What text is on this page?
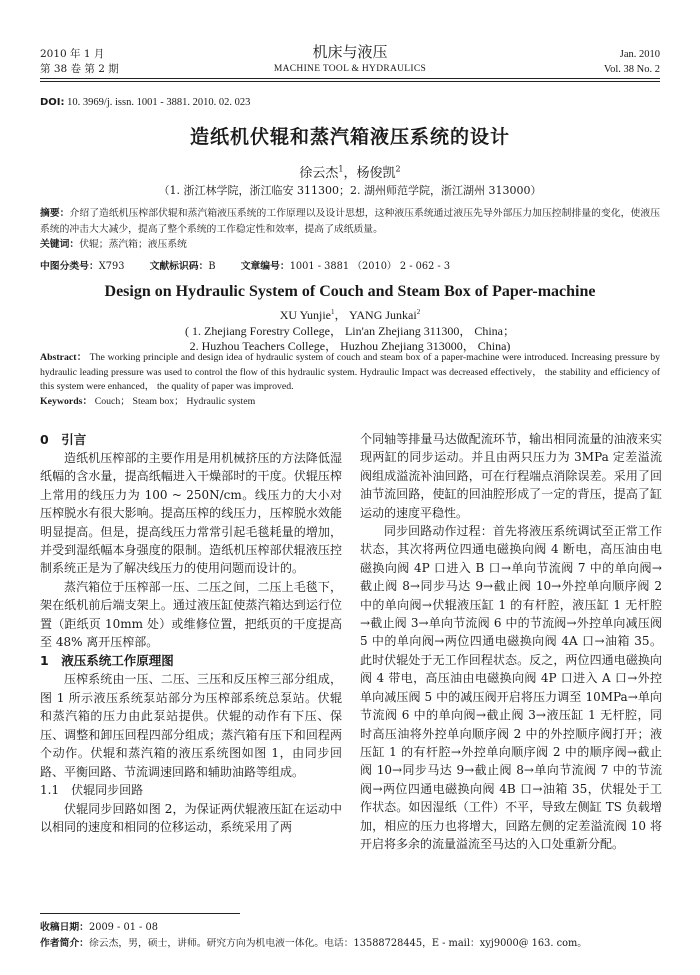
2010 年 1 月
第 38 卷 第 2 期
机床与液压
MACHINE TOOL & HYDRAULICS
Jan. 2010
Vol. 38 No. 2
DOI: 10. 3969/j. issn. 1001 - 3881. 2010. 02. 023
造纸机伏辊和蒸汽箱液压系统的设计
徐云杰$^1$，杨俊凯$^2$
（1. 浙江林学院，浙江临安 311300；2. 湖州师范学院，浙江湖州 313000）
摘要：介绍了造纸机压榨部伏辊和蒸汽箱液压系统的工作原理以及设计思想，这种液压系统通过液压先导外部压力加压控制排量的变化，使液压系统的冲击大大减少，提高了整个系统的工作稳定性和效率，提高了成纸质量。
关键词：伏辊；蒸汽箱；液压系统
中图分类号：X793	文献标识码：B	文章编号：1001 - 3881 （2010） 2 - 062 - 3
Design on Hydraulic System of Couch and Steam Box of Paper-machine
XU Yunjie$^1$， YANG Junkai$^2$
( 1. Zhejiang Forestry College， Lin'an Zhejiang 311300， China；
2. Huzhou Teachers College， Huzhou Zhejiang 313000， China)
Abstract： The working principle and design idea of hydraulic system of couch and steam box of a paper-machine were introduced. Increasing pressure by hydraulic leading pressure was used to control the flow of this hydraulic system. Hydraulic Impact was decreased effectively， the stability and efficiency of this system were enhanced， the quality of paper was improved.
Keywords： Couch； Steam box； Hydraulic system
0　引言

造纸机压榨部的主要作用是用机械挤压的方法降低湿纸幅的含水量，提高纸幅进入干燥部时的干度。伏辊压榨上常用的线压力为 100 ~ 250N/cm。线压力的大小对压榨脱水有很大影响。提高压榨的线压力，压榨脱水效能明显提高。但是，提高线压力常常引起毛毯耗量的增加，并受到湿纸幅本身强度的限制。造纸机压榨部伏辊液压控制系统正是为了解决线压力的使用问题而设计的。

蒸汽箱位于压榨部一压、二压之间，二压上毛毯下，架在纸机前后端支架上。通过液压缸使蒸汽箱达到运行位置（距纸页 10mm 处）或维修位置，把纸页的干度提高至 48% 离开压榨部。

1　液压系统工作原理图

压榨系统由一压、二压、三压和反压榨三部分组成，图 1 所示液压系统泵站部分为压榨部系统总泵站。伏辊和蒸汽箱的压力由此泵站提供。伏辊的动作有下压、保压、调整和卸压回程四部分组成；蒸汽箱有压下和回程两个动作。伏辊和蒸汽箱的液压系统图如图 1，由同步回路、平衡回路、节流调速回路和辅助油路等组成。

1.1　伏辊同步回路

伏辊同步回路如图 2，为保证两伏辊液压缸在运动中以相同的速度和相同的位移运动，系统采用了两

个同轴等排量马达做配流环节，输出相同流量的油液来实现两缸的同步运动。并且由两只压力为 3MPa 定差溢流阀组成溢流补油回路，可在行程端点消除误差。采用了回油节流回路，使缸的回油腔形成了一定的背压，提高了缸运动的速度平稳性。

同步回路动作过程：首先将液压系统调试至正常工作状态，其次将两位四通电磁换向阀 4 断电，高压油由电磁换向阀 4P 口进入 B 口→单向节流阀 7 中的单向阀→截止阀 8→同步马达 9→截止阀 10→外控单向顺序阀 2 中的单向阀→伏辊液压缸 1 的有杆腔，液压缸 1 无杆腔→截止阀 3→单向节流阀 6 中的节流阀→外控单向减压阀 5 中的单向阀→两位四通电磁换向阀 4A 口→油箱 35。此时伏辊处于无工作回程状态。反之，两位四通电磁换向阀 4 带电，高压油由电磁换向阀 4P 口进入 A 口→外控单向减压阀 5 中的减压阀开启将压力调至 10MPa→单向节流阀 6 中的单向阀→截止阀 3→液压缸 1 无杆腔，同时高压油将外控单向顺序阀 2 中的外控顺序阀打开；液压缸 1 的有杆腔→外控单向顺序阀 2 中的顺序阀→截止阀 10→同步马达 9→截止阀 8→单向节流阀 7 中的节流阀→两位四通电磁换向阀 4B 口→油箱 35，伏辊处于工作状态。如因湿纸（工件）不平，导致左侧缸 TS 负载增加，相应的压力也将增大，回路左侧的定差溢流阀 10 将开启将多余的流量溢流至马达的入口处重新分配。

收稿日期：2009 - 01 - 08
作者简介：徐云杰，男，硕士，讲师。研究方向为机电液一体化。电话：13588728445，E - mail：xyj9000@ 163. com。
